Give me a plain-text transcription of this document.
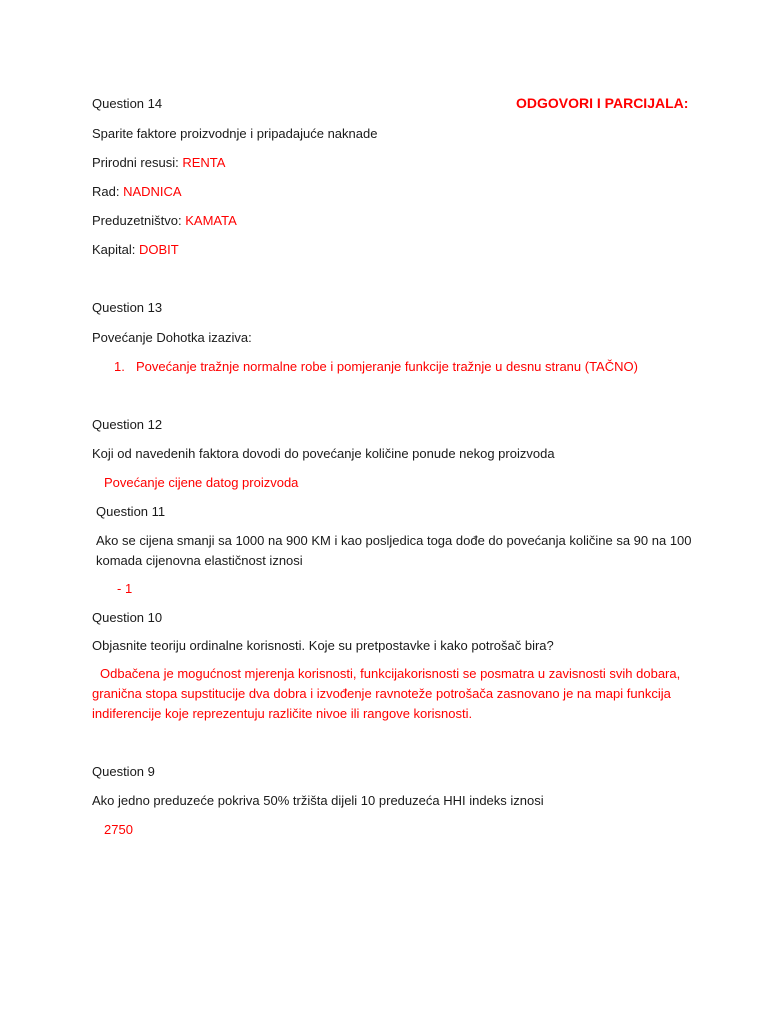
Question 14	ODGOVORI I PARCIJALA:
Sparite faktore proizvodnje i pripadajuće naknade
Prirodni resusi: RENTA
Rad: NADNICA
Preduzetništvo: KAMATA
Kapital: DOBIT
Question 13
Povećanje Dohotka izaziva:
1. Povećanje tražnje normalne robe i pomjeranje funkcije tražnje u desnu stranu (TAČNO)
Question 12
Koji od navedenih faktora dovodi do povećanje količine ponude nekog proizvoda
Povećanje cijene datog proizvoda
Question 11
Ako se cijena smanji sa 1000 na 900 KM i kao posljedica toga dođe do povećanja količine sa 90 na 100
komada cijenovna elastičnost iznosi
- 1
Question 10
Objasnite teoriju ordinalne korisnosti. Koje su pretpostavke i kako potrošač bira?
Odbačena je mogućnost mjerenja korisnosti, funkcijakorisnosti se posmatra u zavisnosti svih dobara,
granična stopa supstitucije dva dobra i izvođenje ravnoteže potrošača zasnovano je na mapi funkcija
indiferencije koje reprezentuju različite nivoe ili rangove korisnosti.
Question 9
Ako jedno preduzeće pokriva 50% tržišta dijeli 10 preduzeća HHI indeks iznosi
2750
